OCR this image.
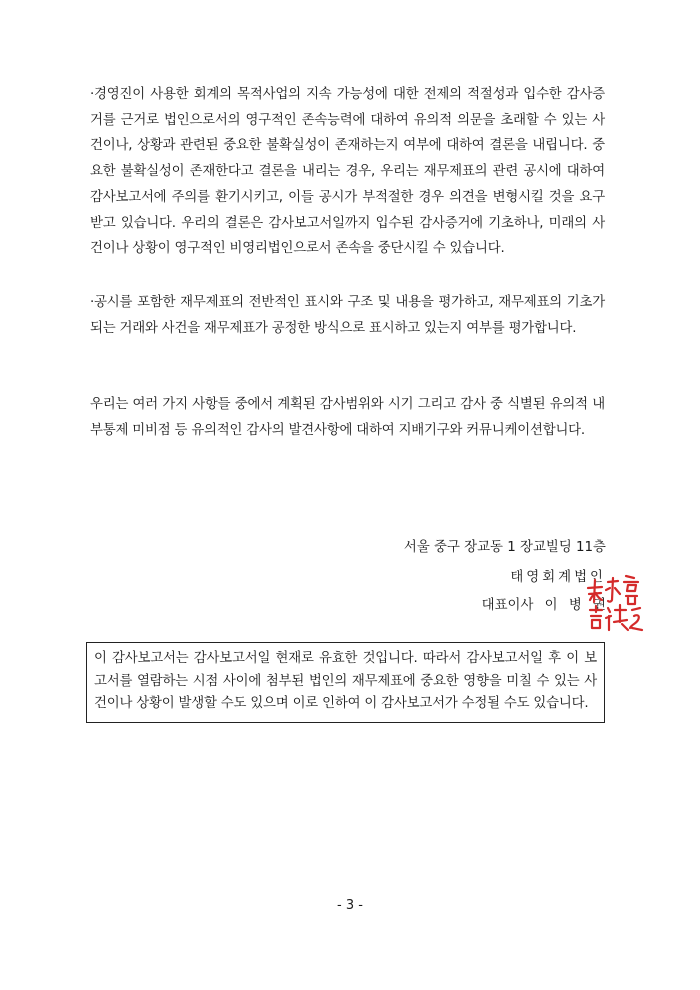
·경영진이 사용한 회계의 목적사업의 지속 가능성에 대한 전제의 적절성과 입수한 감사증거를 근거로 법인으로서의 영구적인 존속능력에 대하여 유의적 의문을 초래할 수 있는 사건이나, 상황과 관련된 중요한 불확실성이 존재하는지 여부에 대하여 결론을 내립니다. 중요한 불확실성이 존재한다고 결론을 내리는 경우, 우리는 재무제표의 관련 공시에 대하여 감사보고서에 주의를 환기시키고, 이들 공시가 부적절한 경우 의견을 변형시킬 것을 요구받고 있습니다. 우리의 결론은 감사보고서일까지 입수된 감사증거에 기초하나, 미래의 사건이나 상황이 영구적인 비영리법인으로서 존속을 중단시킬 수 있습니다.

·공시를 포함한 재무제표의 전반적인 표시와 구조 및 내용을 평가하고, 재무제표의 기초가 되는 거래와 사건을 재무제표가 공정한 방식으로 표시하고 있는지 여부를 평가합니다.

우리는 여러 가지 사항들 중에서 계획된 감사범위와 시기 그리고 감사 중 식별된 유의적 내부통제 미비점 등 유의적인 감사의 발견사항에 대하여 지배기구와 커뮤니케이션합니다.

서울 중구 장교동 1 장교빌딩 11층

태영회계법인

대표이사 이 병 권

이 감사보고서는 감사보고서일 현재로 유효한 것입니다. 따라서 감사보고서일 후 이 보고서를 열람하는 시점 사이에 첨부된 법인의 재무제표에 중요한 영향을 미칠 수 있는 사건이나 상황이 발생할 수도 있으며 이로 인하여 이 감사보고서가 수정될 수도 있습니다.

- 3 -
